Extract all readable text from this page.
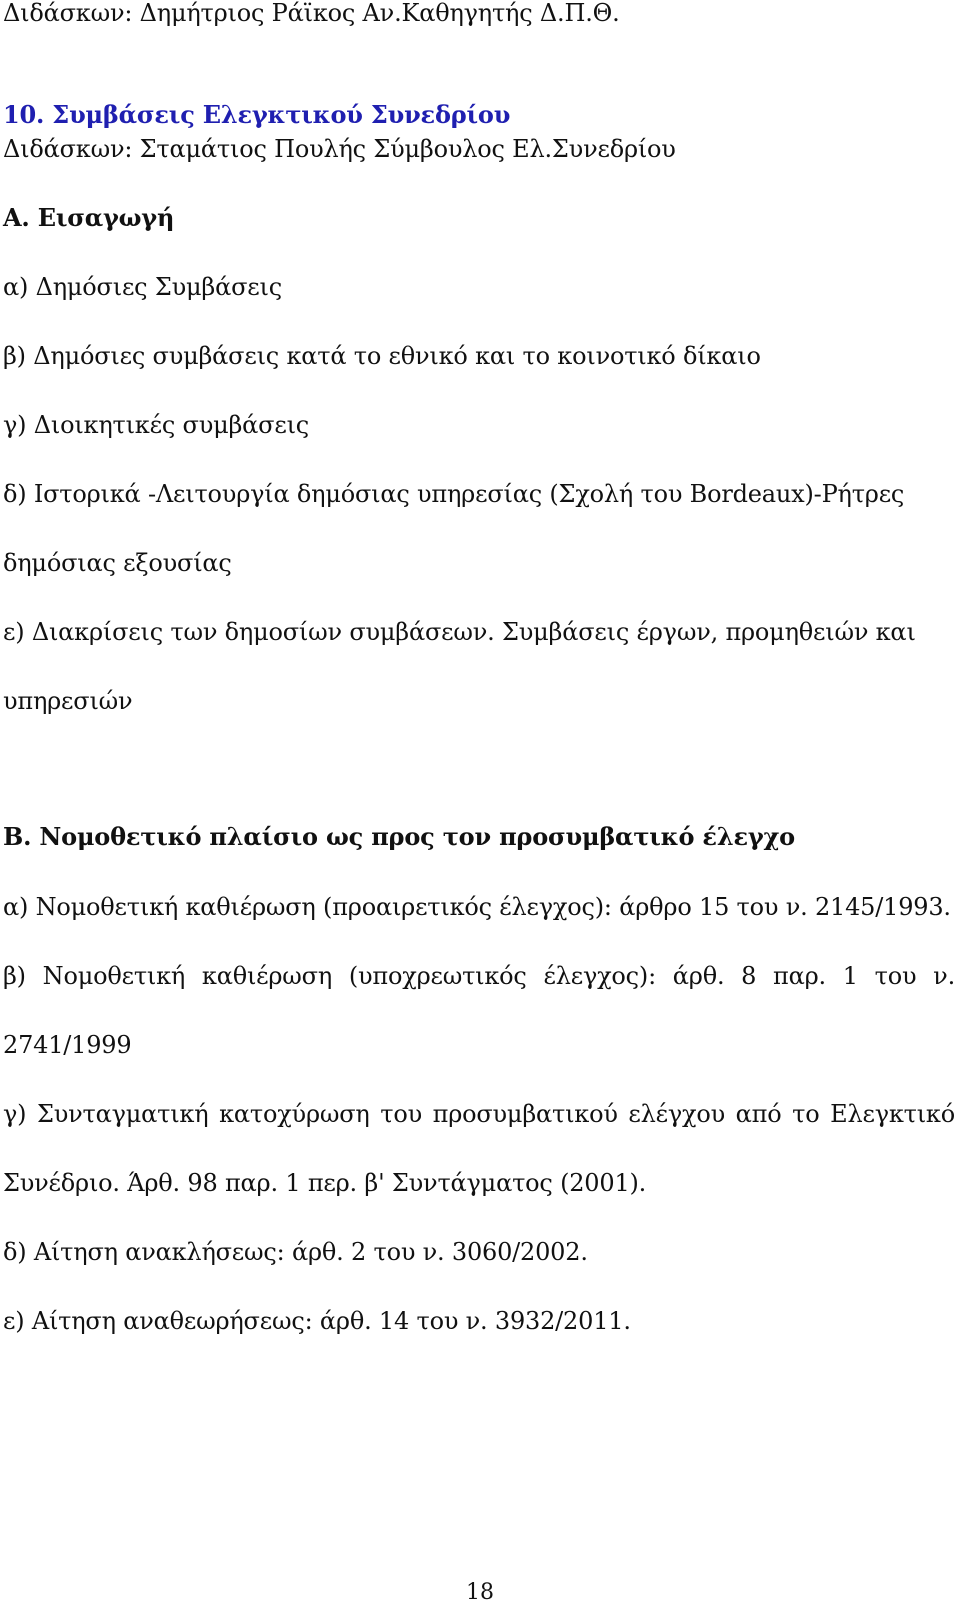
Διδάσκων: Δημήτριος Ράϊκος Αν.Καθηγητής Δ.Π.Θ.

10. Συμβάσεις Ελεγκτικού Συνεδρίου

Διδάσκων: Σταμάτιος Πουλής Σύμβουλος Ελ.Συνεδρίου

Α. Εισαγωγή

α) Δημόσιες Συμβάσεις

β) Δημόσιες συμβάσεις κατά το εθνικό και το κοινοτικό δίκαιο

γ) Διοικητικές συμβάσεις

δ) Ιστορικά -Λειτουργία δημόσιας υπηρεσίας (Σχολή του Bordeaux)-Ρήτρες

δημόσιας εξουσίας

ε) Διακρίσεις των δημοσίων συμβάσεων. Συμβάσεις έργων, προμηθειών και

υπηρεσιών

Β. Νομοθετικό πλαίσιο ως προς τον προσυμβατικό έλεγχο

α) Νομοθετική καθιέρωση (προαιρετικός έλεγχος): άρθρο 15 του ν. 2145/1993.

β) Νομοθετική καθιέρωση (υποχρεωτικός έλεγχος): άρθ. 8 παρ. 1 του ν.

2741/1999

γ) Συνταγματική κατοχύρωση του προσυμβατικού ελέγχου από το Ελεγκτικό

Συνέδριο. Άρθ. 98 παρ. 1 περ. β' Συντάγματος (2001).

δ) Αίτηση ανακλήσεως: άρθ. 2 του ν. 3060/2002.

ε) Αίτηση αναθεωρήσεως: άρθ. 14 του ν. 3932/2011.

18
